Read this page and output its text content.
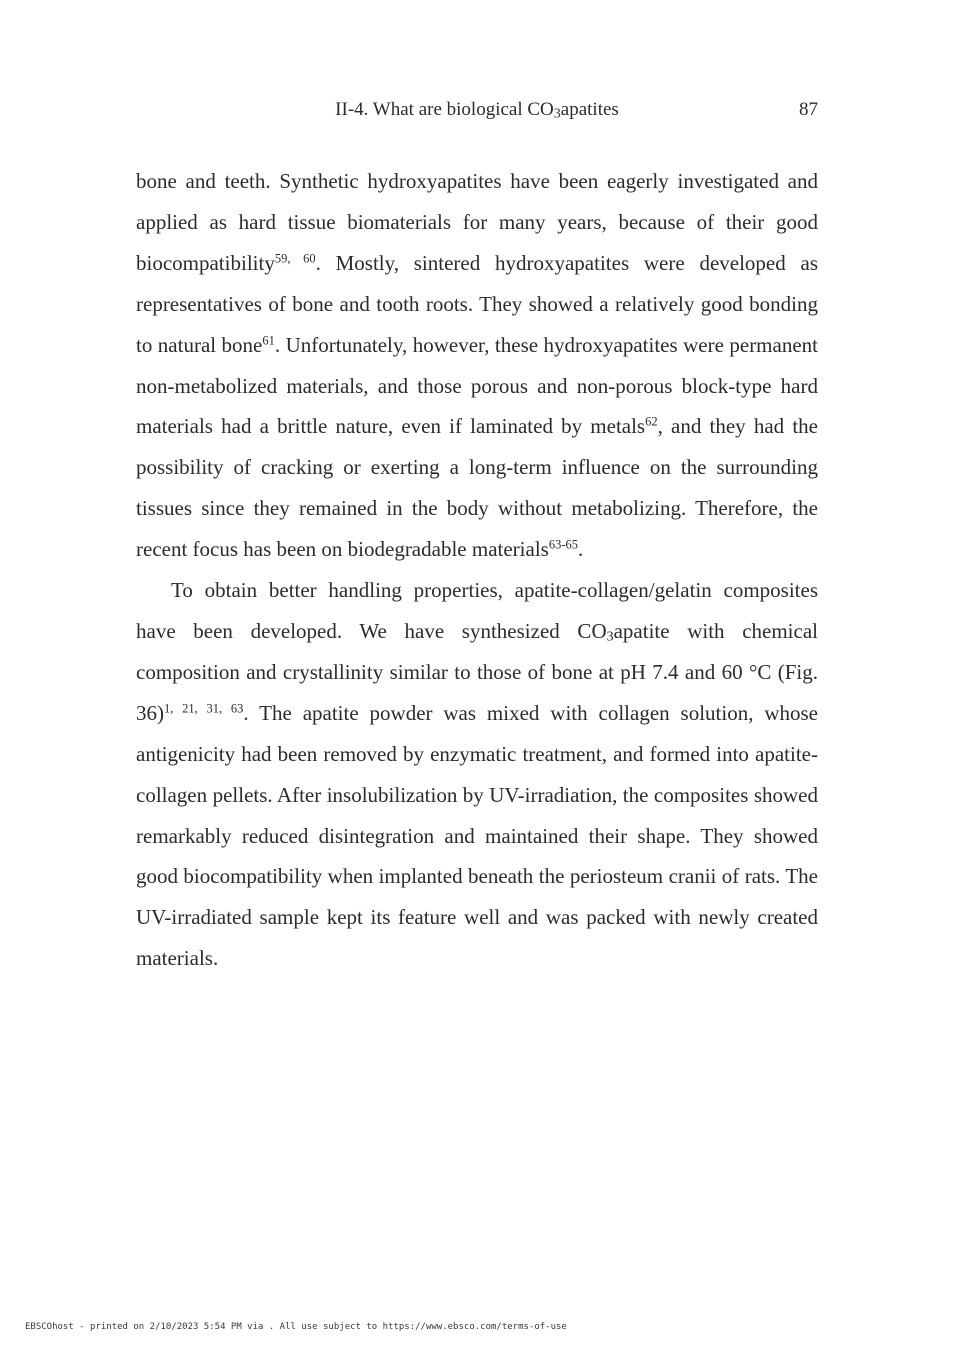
II-4. What are biological $CO_3apatites$	87

bone and teeth. Synthetic hydroxyapatites have been eagerly investigated and applied as hard tissue biomaterials for many years, because of their good biocompatibility$^{59, 60}$. Mostly, sintered hydroxyapatites were developed as representatives of bone and tooth roots. They showed a relatively good bonding to natural bone$^{61}$. Unfortunately, however, these hydroxyapatites were permanent non-metabolized materials, and those porous and non-porous block-type hard materials had a brittle nature, even if laminated by metals$^{62}$, and they had the possibility of cracking or exerting a long-term influence on the surrounding tissues since they remained in the body without metabolizing. Therefore, the recent focus has been on biodegradable materials$^{63-65}$.

To obtain better handling properties, apatite-collagen/gelatin composites have been developed. We have synthesized $CO_3apatite$ with chemical composition and crystallinity similar to those of bone at pH 7.4 and 60 °C (Fig. 36)$^{1, 21, 31, 63}$. The apatite powder was mixed with collagen solution, whose antigenicity had been removed by enzymatic treatment, and formed into apatite-collagen pellets. After insolubilization by UV-irradiation, the composites showed remarkably reduced disintegration and maintained their shape. They showed good biocompatibility when implanted beneath the periosteum cranii of rats. The UV-irradiated sample kept its feature well and was packed with newly created materials.

EBSCOhost - printed on 2/10/2023 5:54 PM via . All use subject to https://www.ebsco.com/terms-of-use
